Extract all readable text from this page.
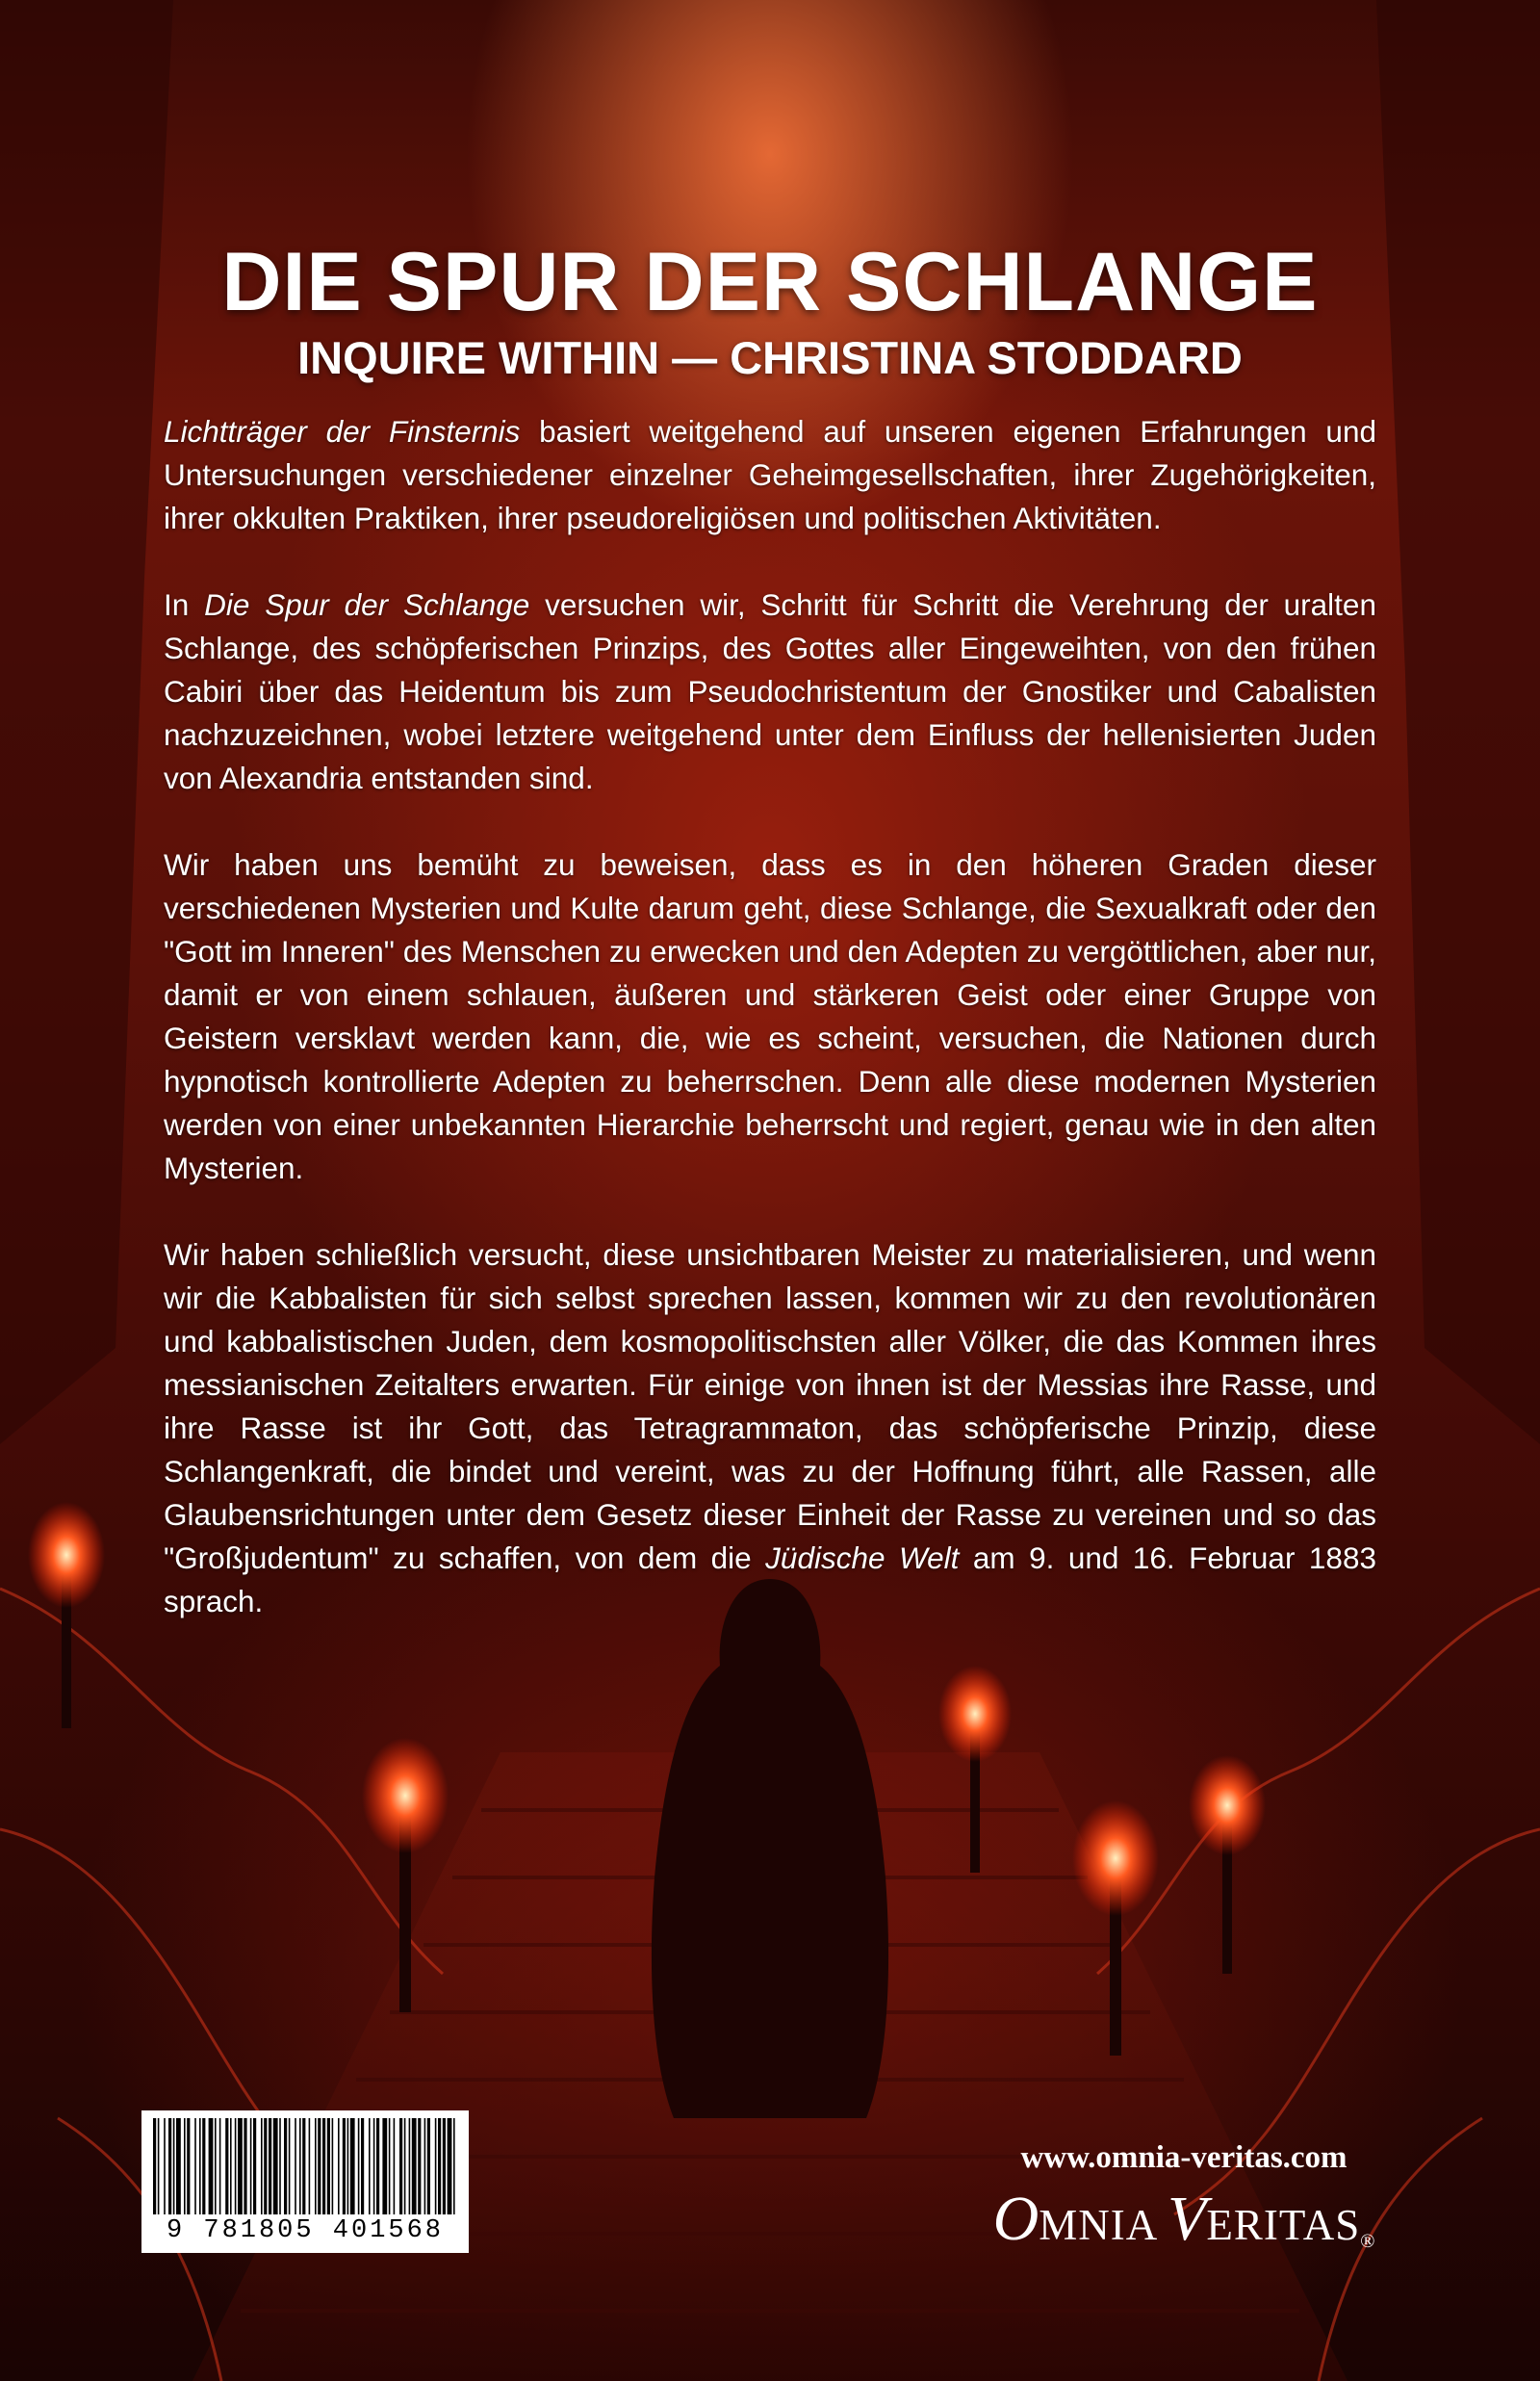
DIE SPUR DER SCHLANGE
INQUIRE WITHIN — CHRISTINA STODDARD

Lichtträger der Finsternis basiert weitgehend auf unseren eigenen Erfahrungen und Untersuchungen verschiedener einzelner Geheimgesellschaften, ihrer Zugehörigkeiten, ihrer okkulten Praktiken, ihrer pseudoreligiösen und politischen Aktivitäten.

In Die Spur der Schlange versuchen wir, Schritt für Schritt die Verehrung der uralten Schlange, des schöpferischen Prinzips, des Gottes aller Eingeweihten, von den frühen Cabiri über das Heidentum bis zum Pseudochristentum der Gnostiker und Cabalisten nachzuzeichnen, wobei letztere weitgehend unter dem Einfluss der hellenisierten Juden von Alexandria entstanden sind.

Wir haben uns bemüht zu beweisen, dass es in den höheren Graden dieser verschiedenen Mysterien und Kulte darum geht, diese Schlange, die Sexualkraft oder den "Gott im Inneren" des Menschen zu erwecken und den Adepten zu vergöttlichen, aber nur, damit er von einem schlauen, äußeren und stärkeren Geist oder einer Gruppe von Geistern versklavt werden kann, die, wie es scheint, versuchen, die Nationen durch hypnotisch kontrollierte Adepten zu beherrschen. Denn alle diese modernen Mysterien werden von einer unbekannten Hierarchie beherrscht und regiert, genau wie in den alten Mysterien.

Wir haben schließlich versucht, diese unsichtbaren Meister zu materialisieren, und wenn wir die Kabbalisten für sich selbst sprechen lassen, kommen wir zu den revolutionären und kabbalistischen Juden, dem kosmopolitischsten aller Völker, die das Kommen ihres messianischen Zeitalters erwarten. Für einige von ihnen ist der Messias ihre Rasse, und ihre Rasse ist ihr Gott, das Tetragrammaton, das schöpferische Prinzip, diese Schlangenkraft, die bindet und vereint, was zu der Hoffnung führt, alle Rassen, alle Glaubensrichtungen unter dem Gesetz dieser Einheit der Rasse zu vereinen und so das "Großjudentum" zu schaffen, von dem die Jüdische Welt am 9. und 16. Februar 1883 sprach.

9 781805 401568
www.omnia-veritas.com
OMNIA VERITAS®
